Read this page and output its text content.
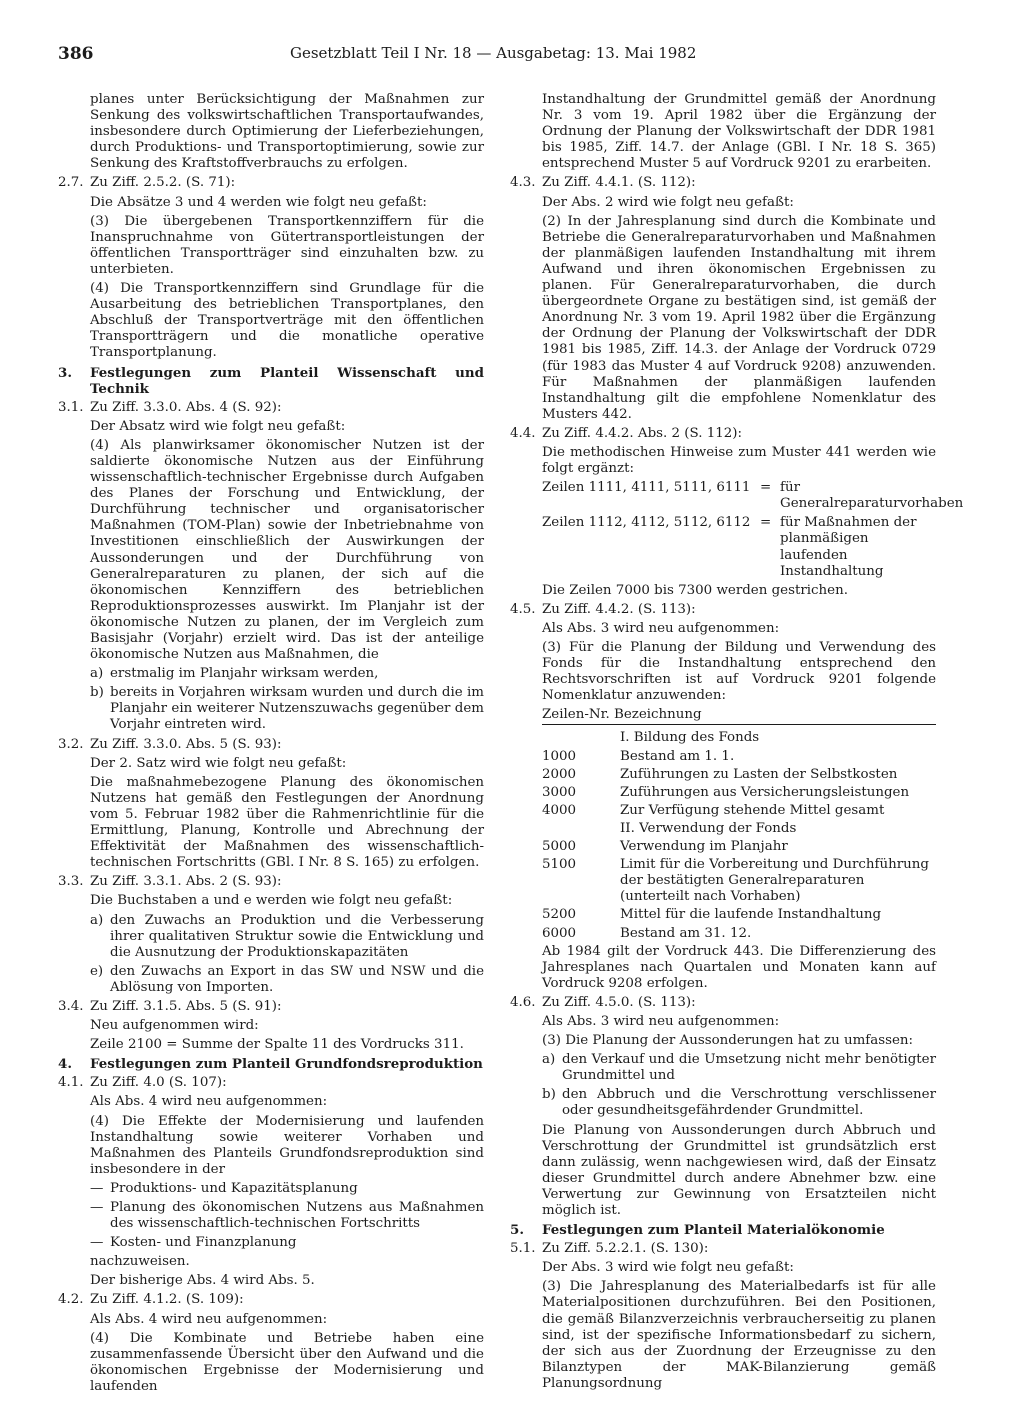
386	Gesetzblatt Teil I Nr. 18 — Ausgabetag: 13. Mai 1982

planes unter Berücksichtigung der Maßnahmen zur Senkung des volkswirtschaftlichen Transportaufwandes, insbesondere durch Optimierung der Lieferbeziehungen, durch Produktions- und Transportoptimierung, sowie zur Senkung des Kraftstoffverbrauchs zu erfolgen.

2.7. Zu Ziff. 2.5.2. (S. 71):

Die Absätze 3 und 4 werden wie folgt neu gefaßt:

(3) Die übergebenen Transportkennziffern für die Inanspruchnahme von Gütertransportleistungen der öffentlichen Transportträger sind einzuhalten bzw. zu unterbieten.

(4) Die Transportkennziffern sind Grundlage für die Ausarbeitung des betrieblichen Transportplanes, den Abschluß der Transportverträge mit den öffentlichen Transportträgern und die monatliche operative Transportplanung.

3.	Festlegungen zum Planteil Wissenschaft und Technik

3.1. Zu Ziff. 3.3.0. Abs. 4 (S. 92):

Der Absatz wird wie folgt neu gefaßt:

(4) Als planwirksamer ökonomischer Nutzen ist der saldierte ökonomische Nutzen aus der Einführung wissenschaftlich-technischer Ergebnisse durch Aufgaben des Planes der Forschung und Entwicklung, der Durchführung technischer und organisatorischer Maßnahmen (TOM-Plan) sowie der Inbetriebnahme von Investitionen einschließlich der Auswirkungen der Aussonderungen und der Durchführung von Generalreparaturen zu planen, der sich auf die ökonomischen Kennziffern des betrieblichen Reproduktionsprozesses auswirkt. Im Planjahr ist der ökonomische Nutzen zu planen, der im Vergleich zum Basisjahr (Vorjahr) erzielt wird. Das ist der anteilige ökonomische Nutzen aus Maßnahmen, die

a) erstmalig im Planjahr wirksam werden,

b) bereits in Vorjahren wirksam wurden und durch die im Planjahr ein weiterer Nutzenszuwachs gegenüber dem Vorjahr eintreten wird.

3.2. Zu Ziff. 3.3.0. Abs. 5 (S. 93):

Der 2. Satz wird wie folgt neu gefaßt:

Die maßnahmebezogene Planung des ökonomischen Nutzens hat gemäß den Festlegungen der Anordnung vom 5. Februar 1982 über die Rahmenrichtlinie für die Ermittlung, Planung, Kontrolle und Abrechnung der Effektivität der Maßnahmen des wissenschaftlich-technischen Fortschritts (GBl. I Nr. 8 S. 165) zu erfolgen.

3.3. Zu Ziff. 3.3.1. Abs. 2 (S. 93):

Die Buchstaben a und e werden wie folgt neu gefaßt:

a) den Zuwachs an Produktion und die Verbesserung ihrer qualitativen Struktur sowie die Entwicklung und die Ausnutzung der Produktionskapazitäten

e) den Zuwachs an Export in das SW und NSW und die Ablösung von Importen.

3.4. Zu Ziff. 3.1.5. Abs. 5 (S. 91):

Neu aufgenommen wird:

Zeile 2100 = Summe der Spalte 11 des Vordrucks 311.

4.	Festlegungen zum Planteil Grundfondsreproduktion

4.1. Zu Ziff. 4.0 (S. 107):

Als Abs. 4 wird neu aufgenommen:

(4) Die Effekte der Modernisierung und laufenden Instandhaltung sowie weiterer Vorhaben und Maßnahmen des Planteils Grundfondsreproduktion sind insbesondere in der

— Produktions- und Kapazitätsplanung

— Planung des ökonomischen Nutzens aus Maßnahmen des wissenschaftlich-technischen Fortschritts

— Kosten- und Finanzplanung

nachzuweisen.

Der bisherige Abs. 4 wird Abs. 5.

4.2. Zu Ziff. 4.1.2. (S. 109):

Als Abs. 4 wird neu aufgenommen:

(4) Die Kombinate und Betriebe haben eine zusammenfassende Übersicht über den Aufwand und die ökonomischen Ergebnisse der Modernisierung und laufenden

Instandhaltung der Grundmittel gemäß der Anordnung Nr. 3 vom 19. April 1982 über die Ergänzung der Ordnung der Planung der Volkswirtschaft der DDR 1981 bis 1985, Ziff. 14.7. der Anlage (GBl. I Nr. 18 S. 365) entsprechend Muster 5 auf Vordruck 9201 zu erarbeiten.

4.3. Zu Ziff. 4.4.1. (S. 112):

Der Abs. 2 wird wie folgt neu gefaßt:

(2) In der Jahresplanung sind durch die Kombinate und Betriebe die Generalreparaturvorhaben und Maßnahmen der planmäßigen laufenden Instandhaltung mit ihrem Aufwand und ihren ökonomischen Ergebnissen zu planen. Für Generalreparaturvorhaben, die durch übergeordnete Organe zu bestätigen sind, ist gemäß der Anordnung Nr. 3 vom 19. April 1982 über die Ergänzung der Ordnung der Planung der Volkswirtschaft der DDR 1981 bis 1985, Ziff. 14.3. der Anlage der Vordruck 0729 (für 1983 das Muster 4 auf Vordruck 9208) anzuwenden. Für Maßnahmen der planmäßigen laufenden Instandhaltung gilt die empfohlene Nomenklatur des Musters 442.

4.4. Zu Ziff. 4.4.2. Abs. 2 (S. 112):

Die methodischen Hinweise zum Muster 441 werden wie folgt ergänzt:

Zeilen 1111, 4111, 5111, 6111 = für Generalreparaturvorhaben
Zeilen 1112, 4112, 5112, 6112 = für Maßnahmen der planmäßigen laufenden Instandhaltung

Die Zeilen 7000 bis 7300 werden gestrichen.

4.5. Zu Ziff. 4.4.2. (S. 113):

Als Abs. 3 wird neu aufgenommen:

(3) Für die Planung der Bildung und Verwendung des Fonds für die Instandhaltung entsprechend den Rechtsvorschriften ist auf Vordruck 9201 folgende Nomenklatur anzuwenden:

Zeilen-Nr. Bezeichnung
I. Bildung des Fonds
1000	Bestand am 1. 1.
2000	Zuführungen zu Lasten der Selbstkosten
3000	Zuführungen aus Versicherungsleistungen
4000	Zur Verfügung stehende Mittel gesamt
II. Verwendung der Fonds
5000	Verwendung im Planjahr
5100	Limit für die Vorbereitung und Durchführung der bestätigten Generalreparaturen (unterteilt nach Vorhaben)
5200	Mittel für die laufende Instandhaltung
6000	Bestand am 31. 12.

Ab 1984 gilt der Vordruck 443. Die Differenzierung des Jahresplanes nach Quartalen und Monaten kann auf Vordruck 9208 erfolgen.

4.6. Zu Ziff. 4.5.0. (S. 113):

Als Abs. 3 wird neu aufgenommen:

(3) Die Planung der Aussonderungen hat zu umfassen:

a) den Verkauf und die Umsetzung nicht mehr benötigter Grundmittel und

b) den Abbruch und die Verschrottung verschlissener oder gesundheitsgefährdender Grundmittel.

Die Planung von Aussonderungen durch Abbruch und Verschrottung der Grundmittel ist grundsätzlich erst dann zulässig, wenn nachgewiesen wird, daß der Einsatz dieser Grundmittel durch andere Abnehmer bzw. eine Verwertung zur Gewinnung von Ersatzteilen nicht möglich ist.

5.	Festlegungen zum Planteil Materialökonomie

5.1. Zu Ziff. 5.2.2.1. (S. 130):

Der Abs. 3 wird wie folgt neu gefaßt:

(3) Die Jahresplanung des Materialbedarfs ist für alle Materialpositionen durchzuführen. Bei den Positionen, die gemäß Bilanzverzeichnis verbraucherseitig zu planen sind, ist der spezifische Informationsbedarf zu sichern, der sich aus der Zuordnung der Erzeugnisse zu den Bilanztypen der MAK-Bilanzierung gemäß Planungsordnung
